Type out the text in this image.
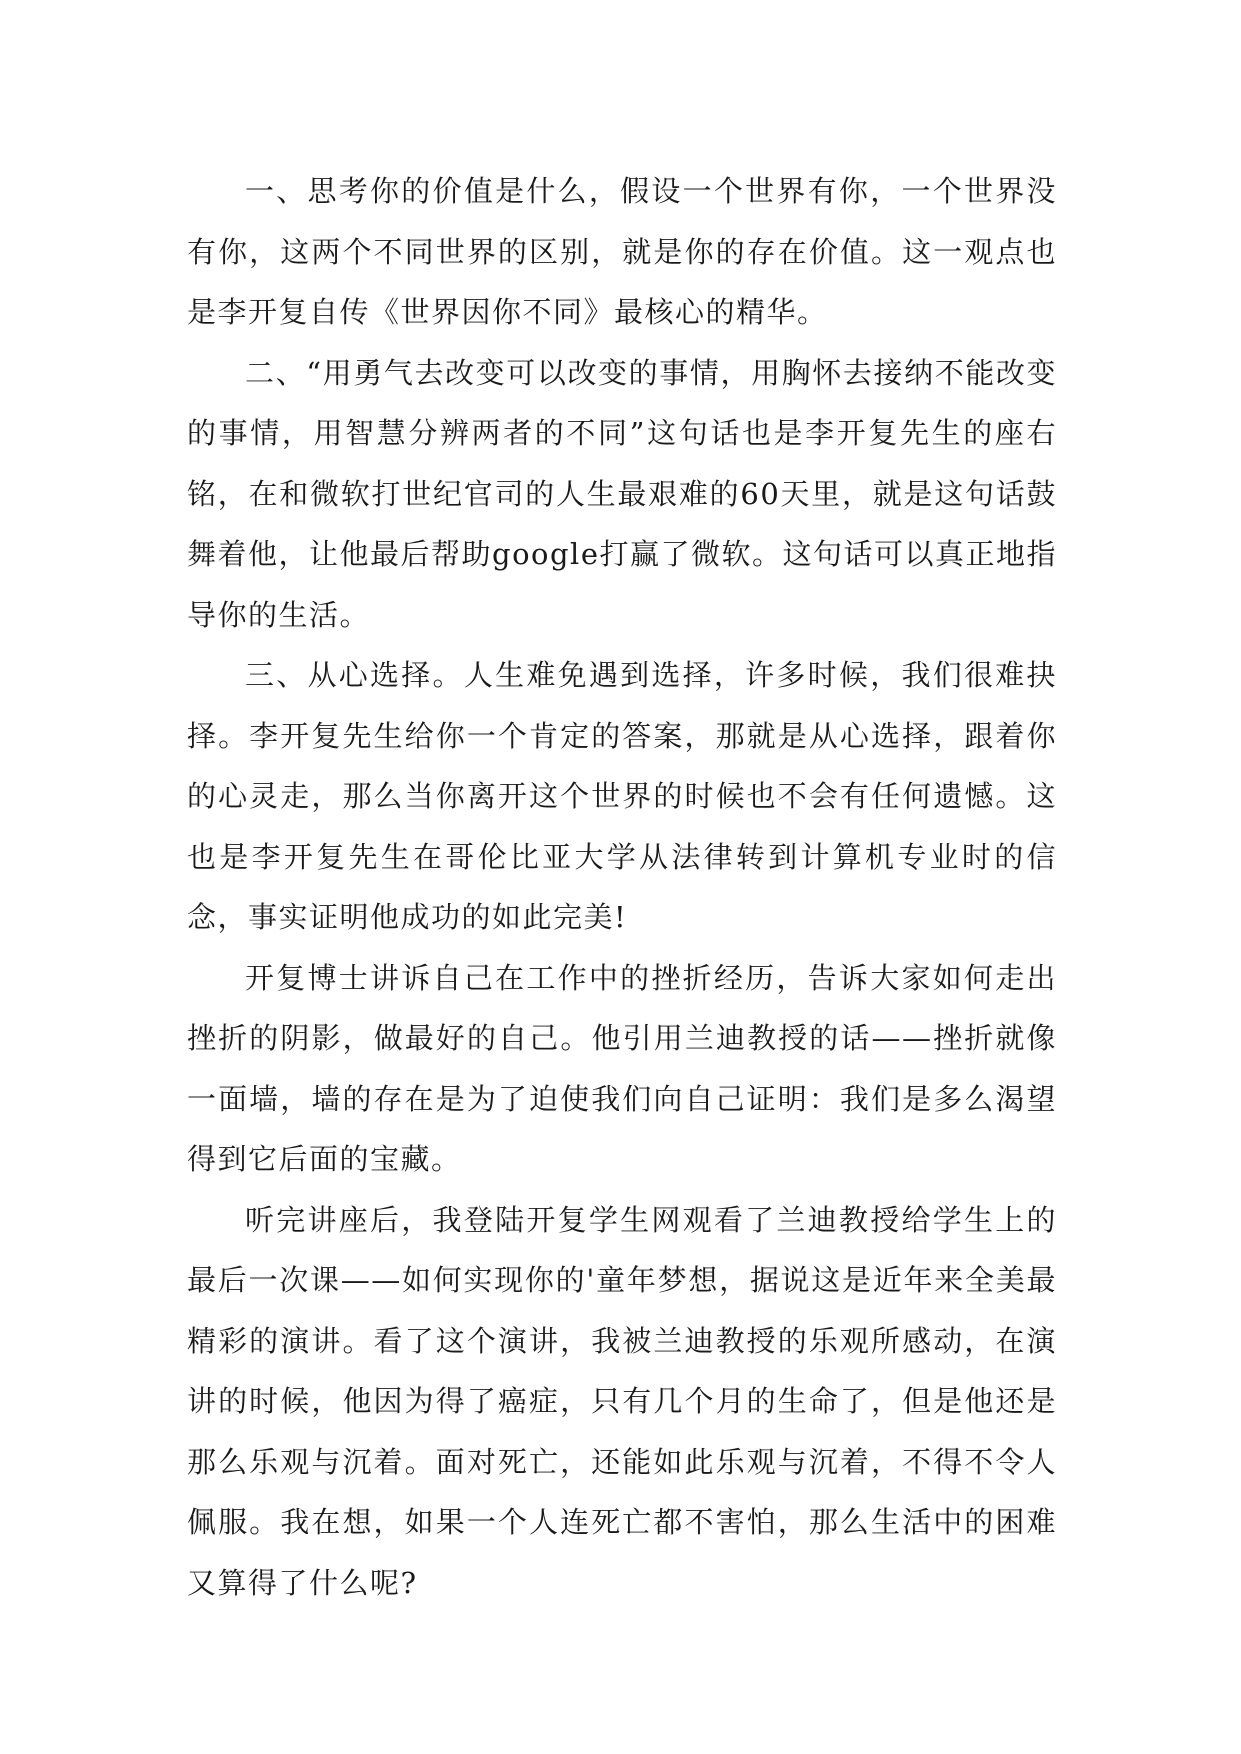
一、思考你的价值是什么，假设一个世界有你，一个世界没有你，这两个不同世界的区别，就是你的存在价值。这一观点也是李开复自传《世界因你不同》最核心的精华。

二、“用勇气去改变可以改变的事情，用胸怀去接纳不能改变的事情，用智慧分辨两者的不同”这句话也是李开复先生的座右铭，在和微软打世纪官司的人生最艰难的60天里，就是这句话鼓舞着他，让他最后帮助google打赢了微软。这句话可以真正地指导你的生活。

三、从心选择。人生难免遇到选择，许多时候，我们很难抉择。李开复先生给你一个肯定的答案，那就是从心选择，跟着你的心灵走，那么当你离开这个世界的时候也不会有任何遗憾。这也是李开复先生在哥伦比亚大学从法律转到计算机专业时的信念，事实证明他成功的如此完美!

开复博士讲诉自己在工作中的挫折经历，告诉大家如何走出挫折的阴影，做最好的自己。他引用兰迪教授的话——挫折就像一面墙，墙的存在是为了迫使我们向自己证明：我们是多么渴望得到它后面的宝藏。

听完讲座后，我登陆开复学生网观看了兰迪教授给学生上的最后一次课——如何实现你的'童年梦想，据说这是近年来全美最精彩的演讲。看了这个演讲，我被兰迪教授的乐观所感动，在演讲的时候，他因为得了癌症，只有几个月的生命了，但是他还是那么乐观与沉着。面对死亡，还能如此乐观与沉着，不得不令人佩服。我在想，如果一个人连死亡都不害怕，那么生活中的困难又算得了什么呢?
